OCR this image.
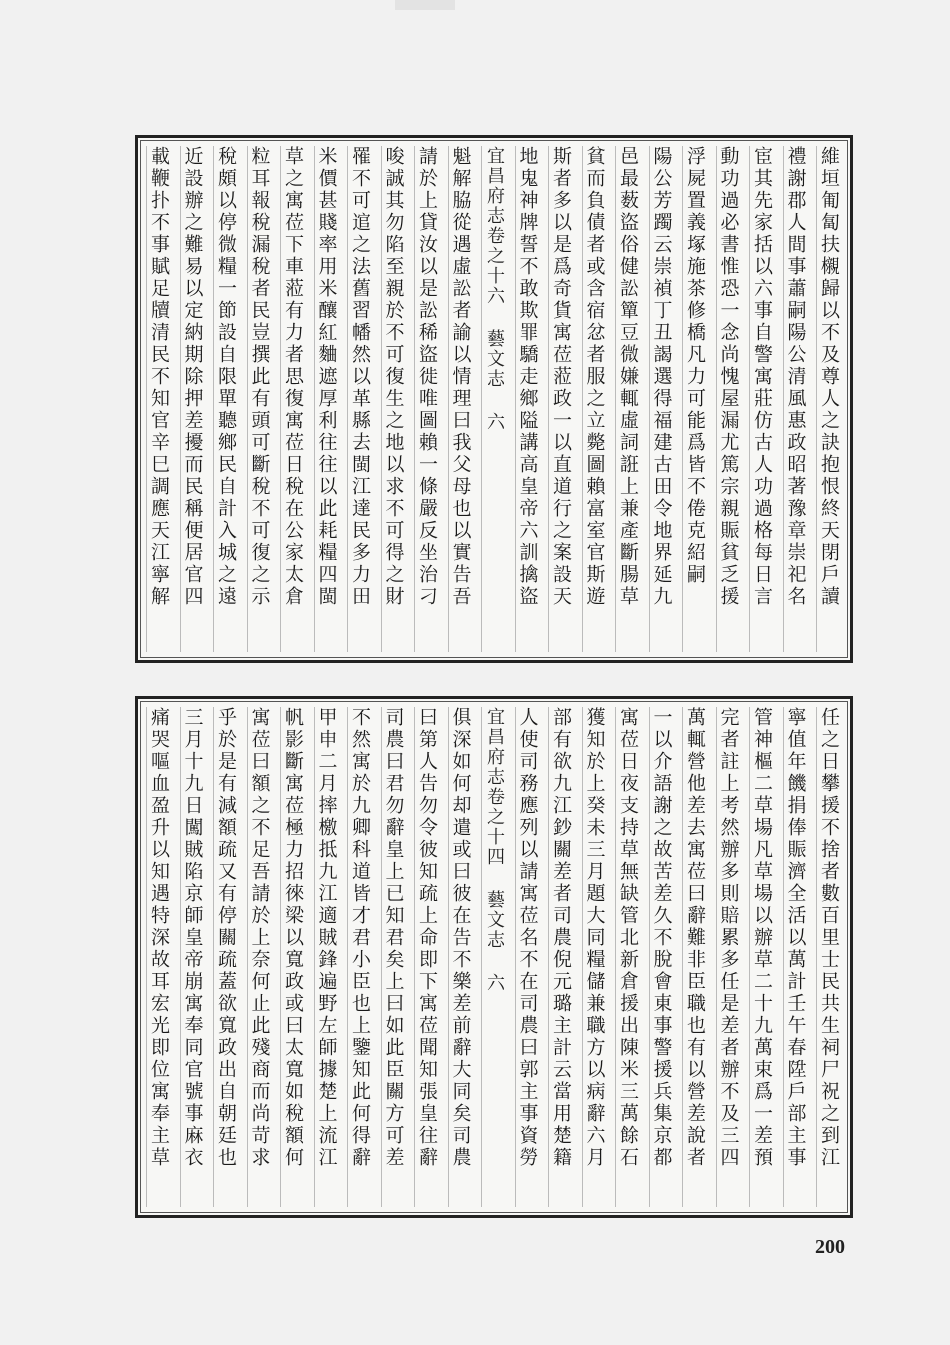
維垣匍匐扶櫬歸以不及尊人之訣抱恨終天閉戶讀
禮謝郡人間事蕭嗣陽公清風惠政昭著豫章崇祀名
宦其先家括以六事自警寓莊仿古人功過格每日言
動功過必書惟恐一念尚愧屋漏尤篤宗親賑貧乏援
浮屍置義塚施茶修橋凡力可能爲皆不倦克紹嗣
陽公芳躅云崇禎丁丑謁選得福建古田令地界延九
邑最薮盜俗健訟簞豆微嫌輒虛詞誑上兼產斷腸草
貧而負債者或含宿忿者服之立斃圖賴富室官斯遊
斯者多以是爲奇貨寓莅蒞政一以直道行之案設天
地鬼神牌誓不敢欺罪驕走鄉隘講高皇帝六訓擒盜
宜昌府志卷之十六 藝文志 六
魁解脇從遇虛訟者諭以情理曰我父母也以實告吾
請於上貸汝以是訟稀盜徙唯圖賴一條嚴反坐治刁
唆誠其勿陷至親於不可復生之地以求不可得之財
罹不可逭之法舊習幡然以革縣去閩江達民多力田
米價甚賤率用米釀紅麯遮厚利往往以此耗糧四閩
草之寓莅下車蒞有力者思復寓莅日稅在公家太倉
粒耳報稅漏稅者民豈撰此有頭可斷稅不可復之示
稅頗以停微糧一節設自限單聽鄉民自計入城之遠
近設辦之難易以定納期除押差擾而民稱便居官四
載鞭扑不事賦足牘清民不知官辛巳調應天江寧解
任之日攀援不捨者數百里士民共生祠尸祝之到江
寧值年饑捐俸賑濟全活以萬計壬午春陞戶部主事
管神樞二草場凡草場以辦草二十九萬束爲一差預
完者註上考然辦多則賠累多任是差者辦不及三四
萬輒營他差去寓莅曰辭難非臣職也有以營差說者
一以介語謝之故苦差久不脫會東事警援兵集京都
寓莅日夜支持草無缺管北新倉援出陳米三萬餘石
獲知於上癸未三月題大同糧儲兼職方以病辭六月
部有欲九江鈔關差者司農倪元璐主計云當用楚籍
人使司務應列以請寓莅名不在司農曰郭主事資勞
宜昌府志卷之十四 藝文志 六
俱深如何却遣或曰彼在告不樂差前辭大同矣司農
曰第人告勿令彼知疏上命即下寓莅聞知張皇往辭
司農曰君勿辭皇上已知君矣上曰如此臣關方可差
不然寓於九卿科道皆才君小臣也上鑒知此何得辭
甲申二月摔檄抵九江適賊鋒遍野左師據楚上流江
帆影斷寓莅極力招徠梁以寬政或曰太寬如稅額何
寓莅曰額之不足吾請於上奈何止此殘商而尚苛求
乎於是有減額疏又有停關疏蓋欲寬政出自朝廷也
三月十九日闖賊陷京師皇帝崩寓奉同官號事麻衣
痛哭嘔血盈升以知遇特深故耳宏光即位寓奉主草
200
